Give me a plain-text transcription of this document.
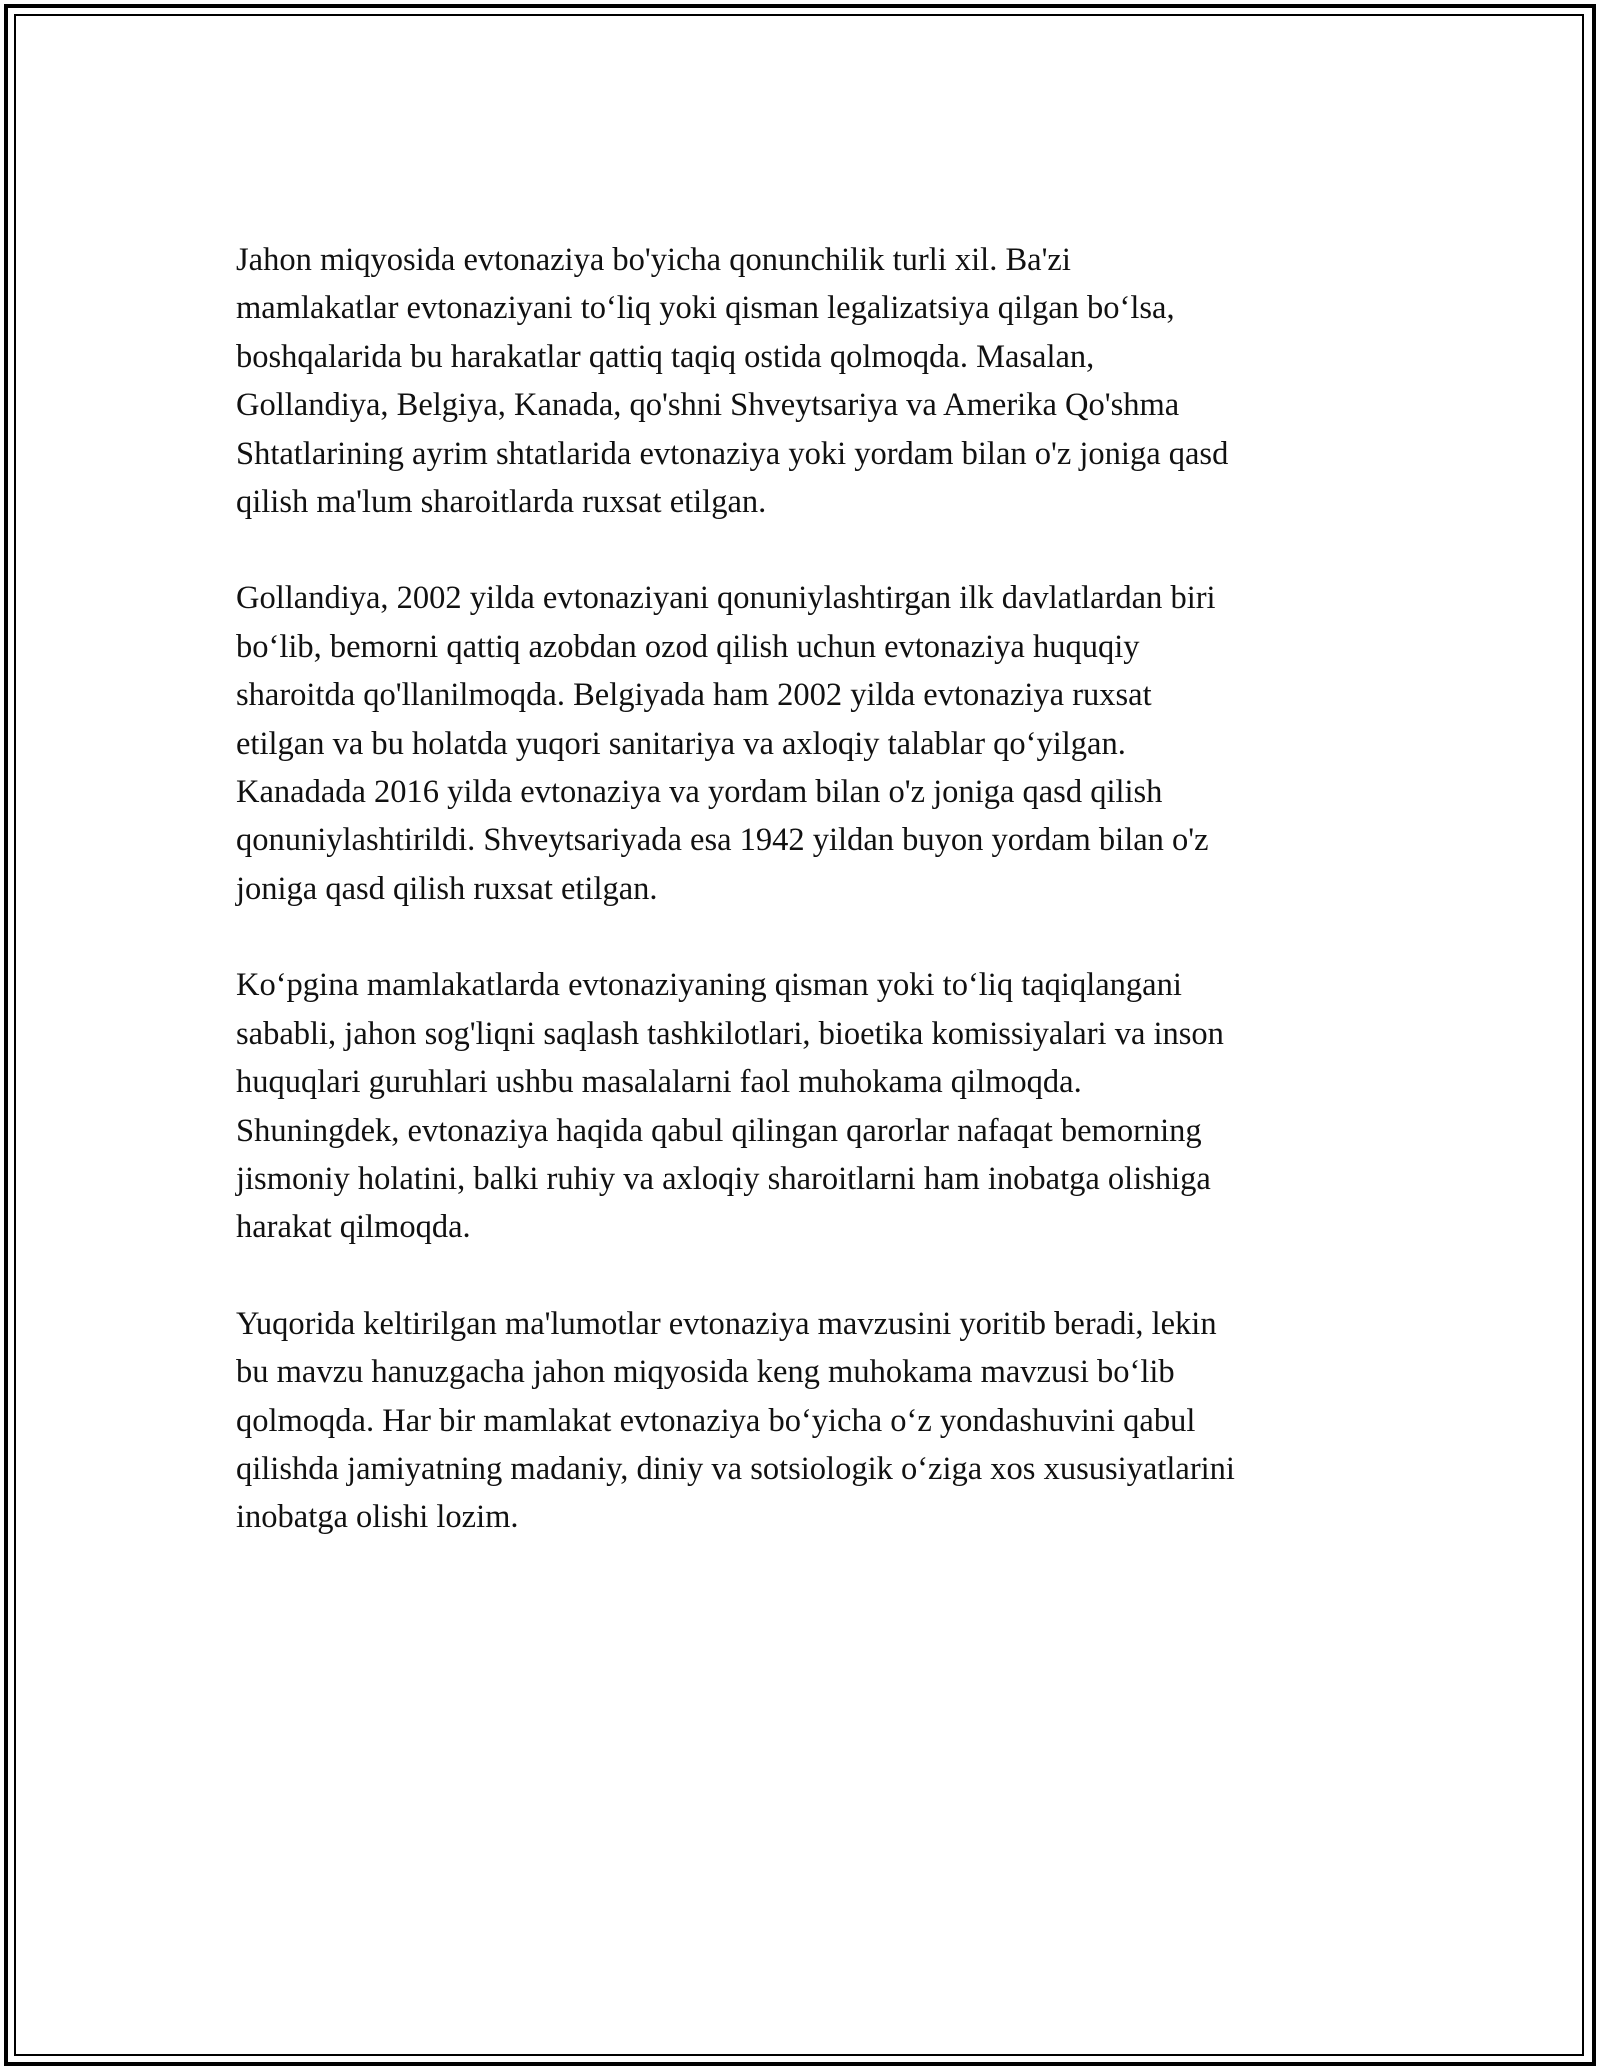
Jahon miqyosida evtonaziya bo'yicha qonunchilik turli xil. Ba'zi
mamlakatlar evtonaziyani to‘liq yoki qisman legalizatsiya qilgan bo‘lsa,
boshqalarida bu harakatlar qattiq taqiq ostida qolmoqda. Masalan,
Gollandiya, Belgiya, Kanada, qo'shni Shveytsariya va Amerika Qo'shma
Shtatlarining ayrim shtatlarida evtonaziya yoki yordam bilan o'z joniga qasd
qilish ma'lum sharoitlarda ruxsat etilgan.

Gollandiya, 2002 yilda evtonaziyani qonuniylashtirgan ilk davlatlardan biri
bo‘lib, bemorni qattiq azobdan ozod qilish uchun evtonaziya huquqiy
sharoitda qo'llanilmoqda. Belgiyada ham 2002 yilda evtonaziya ruxsat
etilgan va bu holatda yuqori sanitariya va axloqiy talablar qo‘yilgan.
Kanadada 2016 yilda evtonaziya va yordam bilan o'z joniga qasd qilish
qonuniylashtirildi. Shveytsariyada esa 1942 yildan buyon yordam bilan o'z
joniga qasd qilish ruxsat etilgan.

Ko‘pgina mamlakatlarda evtonaziyaning qisman yoki to‘liq taqiqlangani
sababli, jahon sog'liqni saqlash tashkilotlari, bioetika komissiyalari va inson
huquqlari guruhlari ushbu masalalarni faol muhokama qilmoqda.
Shuningdek, evtonaziya haqida qabul qilingan qarorlar nafaqat bemorning
jismoniy holatini, balki ruhiy va axloqiy sharoitlarni ham inobatga olishiga
harakat qilmoqda.

Yuqorida keltirilgan ma'lumotlar evtonaziya mavzusini yoritib beradi, lekin
bu mavzu hanuzgacha jahon miqyosida keng muhokama mavzusi bo‘lib
qolmoqda. Har bir mamlakat evtonaziya bo‘yicha o‘z yondashuvini qabul
qilishda jamiyatning madaniy, diniy va sotsiologik o‘ziga xos xususiyatlarini
inobatga olishi lozim.
